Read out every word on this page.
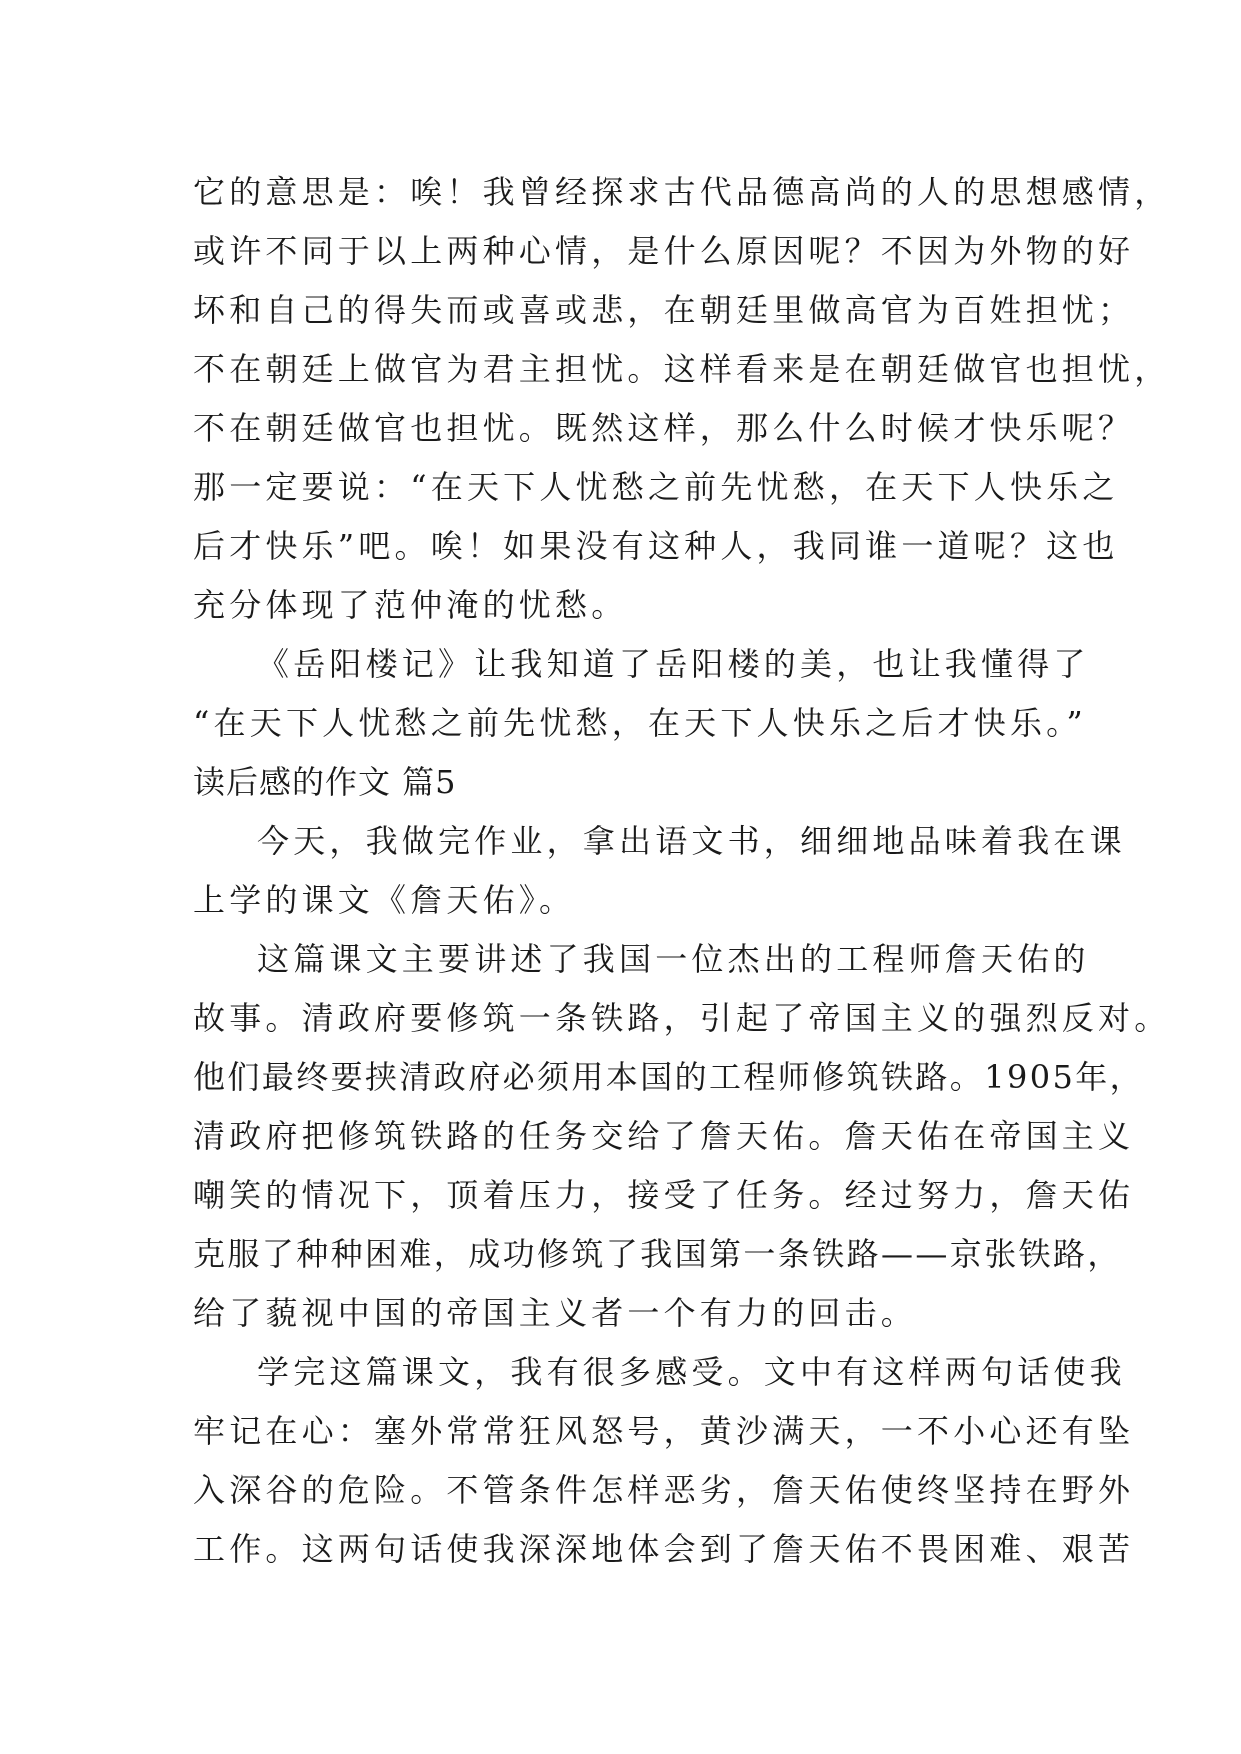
它的意思是：唉！我曾经探求古代品德高尚的人的思想感情，
或许不同于以上两种心情，是什么原因呢？不因为外物的好
坏和自己的得失而或喜或悲，在朝廷里做高官为百姓担忧；
不在朝廷上做官为君主担忧。这样看来是在朝廷做官也担忧，
不在朝廷做官也担忧。既然这样，那么什么时候才快乐呢？
那一定要说：“在天下人忧愁之前先忧愁，在天下人快乐之
后才快乐”吧。唉！如果没有这种人，我同谁一道呢？这也
充分体现了范仲淹的忧愁。
《岳阳楼记》让我知道了岳阳楼的美，也让我懂得了
“在天下人忧愁之前先忧愁，在天下人快乐之后才快乐。”
读后感的作文 篇5
今天，我做完作业，拿出语文书，细细地品味着我在课
上学的课文《詹天佑》。
这篇课文主要讲述了我国一位杰出的工程师詹天佑的
故事。清政府要修筑一条铁路，引起了帝国主义的强烈反对。
他们最终要挟清政府必须用本国的工程师修筑铁路。1905年，
清政府把修筑铁路的任务交给了詹天佑。詹天佑在帝国主义
嘲笑的情况下，顶着压力，接受了任务。经过努力，詹天佑
克服了种种困难，成功修筑了我国第一条铁路——京张铁路，
给了藐视中国的帝国主义者一个有力的回击。
学完这篇课文，我有很多感受。文中有这样两句话使我
牢记在心：塞外常常狂风怒号，黄沙满天，一不小心还有坠
入深谷的危险。不管条件怎样恶劣，詹天佑使终坚持在野外
工作。这两句话使我深深地体会到了詹天佑不畏困难、艰苦
